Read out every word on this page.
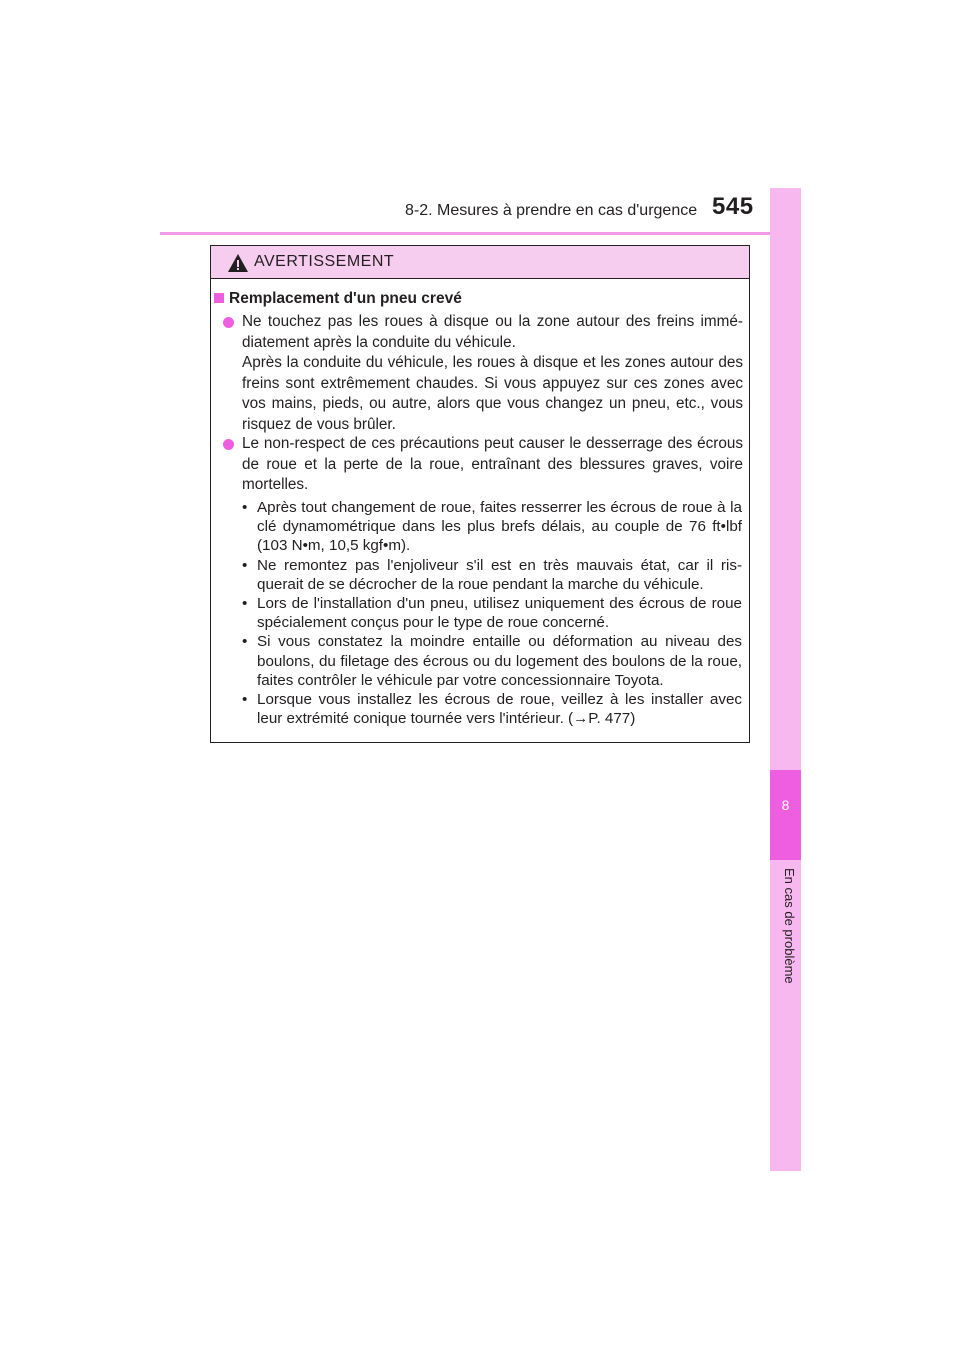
8-2. Mesures à prendre en cas d'urgence 545
8
En cas de problème
AVERTISSEMENT
Remplacement d'un pneu crevé

Ne touchez pas les roues à disque ou la zone autour des freins immé-diatement après la conduite du véhicule.

Après la conduite du véhicule, les roues à disque et les zones autour des freins sont extrêmement chaudes. Si vous appuyez sur ces zones avec vos mains, pieds, ou autre, alors que vous changez un pneu, etc., vous risquez de vous brûler.

Le non-respect de ces précautions peut causer le desserrage des écrous de roue et la perte de la roue, entraînant des blessures graves, voire mortelles.

• Après tout changement de roue, faites resserrer les écrous de roue à la clé dynamométrique dans les plus brefs délais, au couple de 76 ft•lbf (103 N•m, 10,5 kgf•m).
• Ne remontez pas l'enjoliveur s'il est en très mauvais état, car il ris-querait de se décrocher de la roue pendant la marche du véhicule.
• Lors de l'installation d'un pneu, utilisez uniquement des écrous de roue spécialement conçus pour le type de roue concerné.
• Si vous constatez la moindre entaille ou déformation au niveau des boulons, du filetage des écrous ou du logement des boulons de la roue, faites contrôler le véhicule par votre concessionnaire Toyota.
• Lorsque vous installez les écrous de roue, veillez à les installer avec leur extrémité conique tournée vers l'intérieur. (→P. 477)
